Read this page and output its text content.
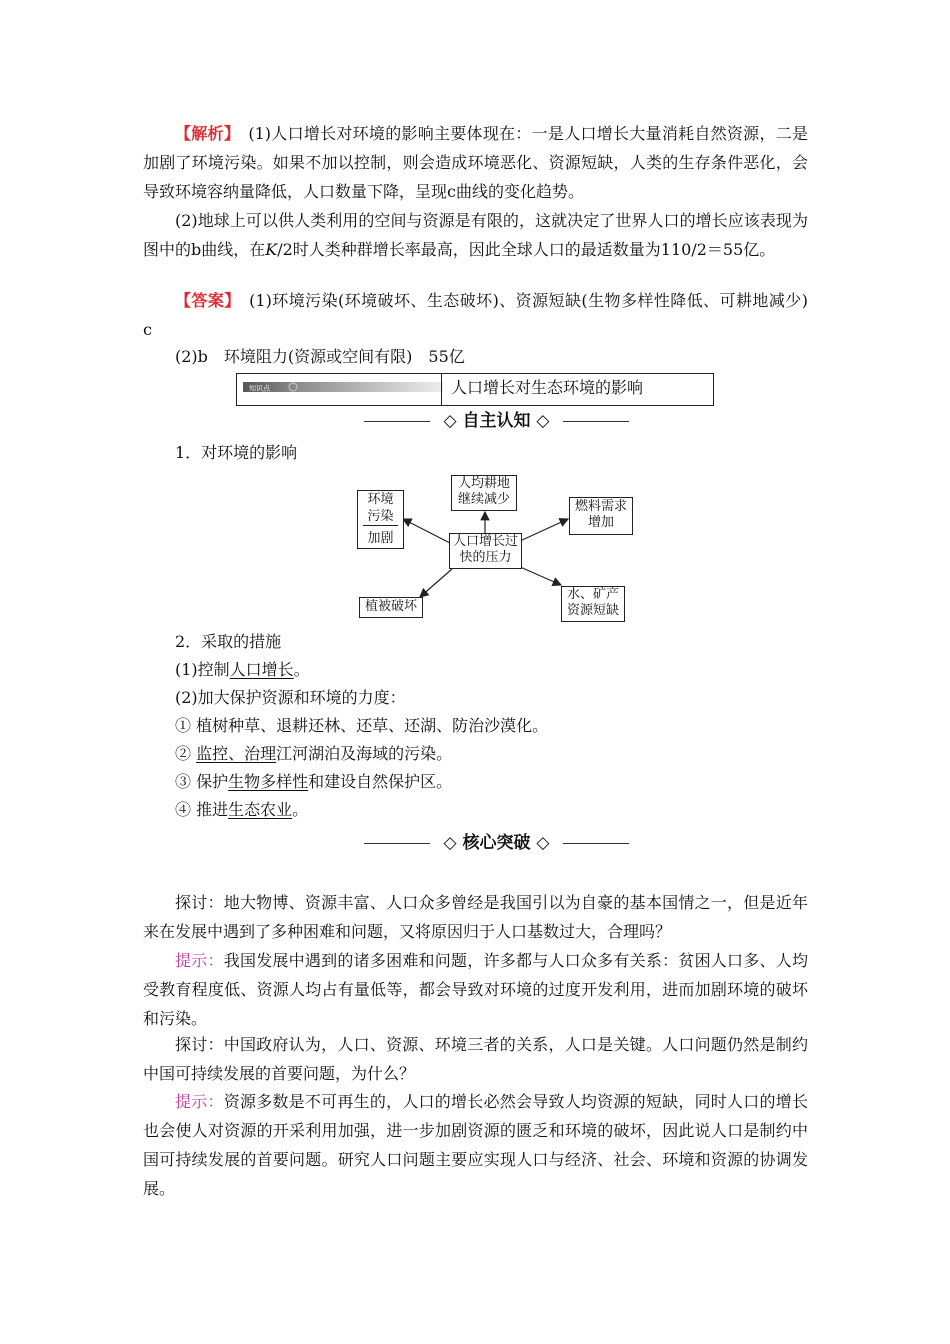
【解析】　 (1)人口增长对环境的影响主要体现在：一是人口增长大量消耗自然资源，二是加剧了环境污染。如果不加以控制，则会造成环境恶化、资源短缺，人类的生存条件恶化，会导致环境容纳量降低，人口数量下降，呈现c曲线的变化趋势。

(2)地球上可以供人类利用的空间与资源是有限的，这就决定了世界人口的增长应该表现为图中的b曲线，在K/2时人类种群增长率最高，因此全球人口的最适数量为110/2＝55亿。

【答案】　 (1)环境污染(环境破坏、生态破坏)、资源短缺(生物多样性降低、可耕地减少)　c

(2)b　环境阻力(资源或空间有限)　55亿
知识点	人口增长对生态环境的影响
◇ 自主认知 ◇
1．对环境的影响
人口增长过
快的压力
人均耕地
继续减少
环境
污染
加剧
燃料需求
增加
植被破坏
水、矿产
资源短缺
2．采取的措施
(1)控制人口增长。
(2)加大保护资源和环境的力度：
① 植树种草、退耕还林、还草、还湖、防治沙漠化。
② 监控、治理江河湖泊及海域的污染。
③ 保护生物多样性和建设自然保护区。
④ 推进生态农业。
◇ 核心突破 ◇

探讨：地大物博、资源丰富、人口众多曾经是我国引以为自豪的基本国情之一，但是近年来在发展中遇到了多种困难和问题，又将原因归于人口基数过大，合理吗？

提示：我国发展中遇到的诸多困难和问题，许多都与人口众多有关系：贫困人口多、人均受教育程度低、资源人均占有量低等，都会导致对环境的过度开发利用，进而加剧环境的破坏和污染。

探讨：中国政府认为，人口、资源、环境三者的关系，人口是关键。人口问题仍然是制约中国可持续发展的首要问题，为什么？

提示：资源多数是不可再生的，人口的增长必然会导致人均资源的短缺，同时人口的增长也会使人对资源的开采利用加强，进一步加剧资源的匮乏和环境的破坏，因此说人口是制约中国可持续发展的首要问题。研究人口问题主要应实现人口与经济、社会、环境和资源的协调发展。
